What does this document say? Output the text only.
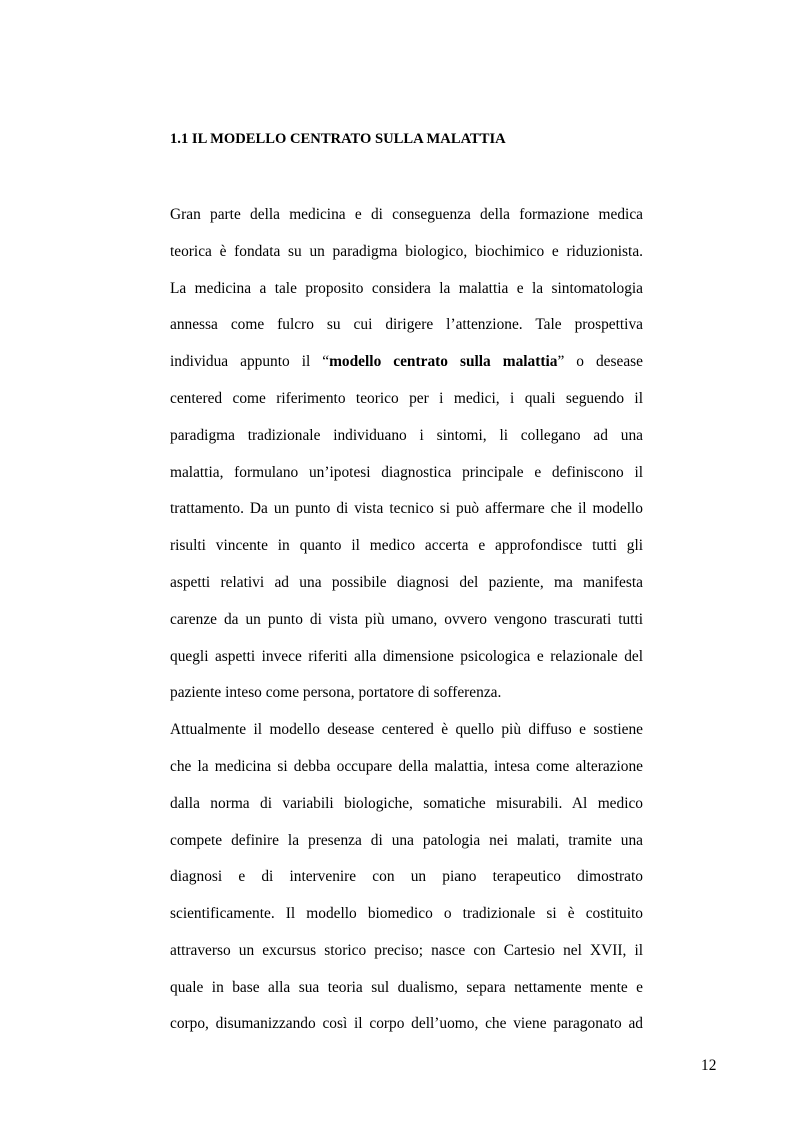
1.1 IL MODELLO CENTRATO SULLA MALATTIA
Gran parte della medicina e di conseguenza della formazione medica
teorica è fondata su un paradigma biologico, biochimico e riduzionista.
La medicina a tale proposito considera la malattia e la sintomatologia
annessa come fulcro su cui dirigere l’attenzione. Tale prospettiva
individua appunto il “modello centrato sulla malattia” o desease
centered come riferimento teorico per i medici, i quali seguendo il
paradigma tradizionale individuano i sintomi, li collegano ad una
malattia, formulano un’ipotesi diagnostica principale e definiscono il
trattamento. Da un punto di vista tecnico si può affermare che il modello
risulti vincente in quanto il medico accerta e approfondisce tutti gli
aspetti relativi ad una possibile diagnosi del paziente, ma manifesta
carenze da un punto di vista più umano, ovvero vengono trascurati tutti
quegli aspetti invece riferiti alla dimensione psicologica e relazionale del
paziente inteso come persona, portatore di sofferenza.
Attualmente il modello desease centered è quello più diffuso e sostiene
che la medicina si debba occupare della malattia, intesa come alterazione
dalla norma di variabili biologiche, somatiche misurabili. Al medico
compete definire la presenza di una patologia nei malati, tramite una
diagnosi e di intervenire con un piano terapeutico dimostrato
scientificamente. Il modello biomedico o tradizionale si è costituito
attraverso un excursus storico preciso; nasce con Cartesio nel XVII, il
quale in base alla sua teoria sul dualismo, separa nettamente mente e
corpo, disumanizzando così il corpo dell’uomo, che viene paragonato ad
12
